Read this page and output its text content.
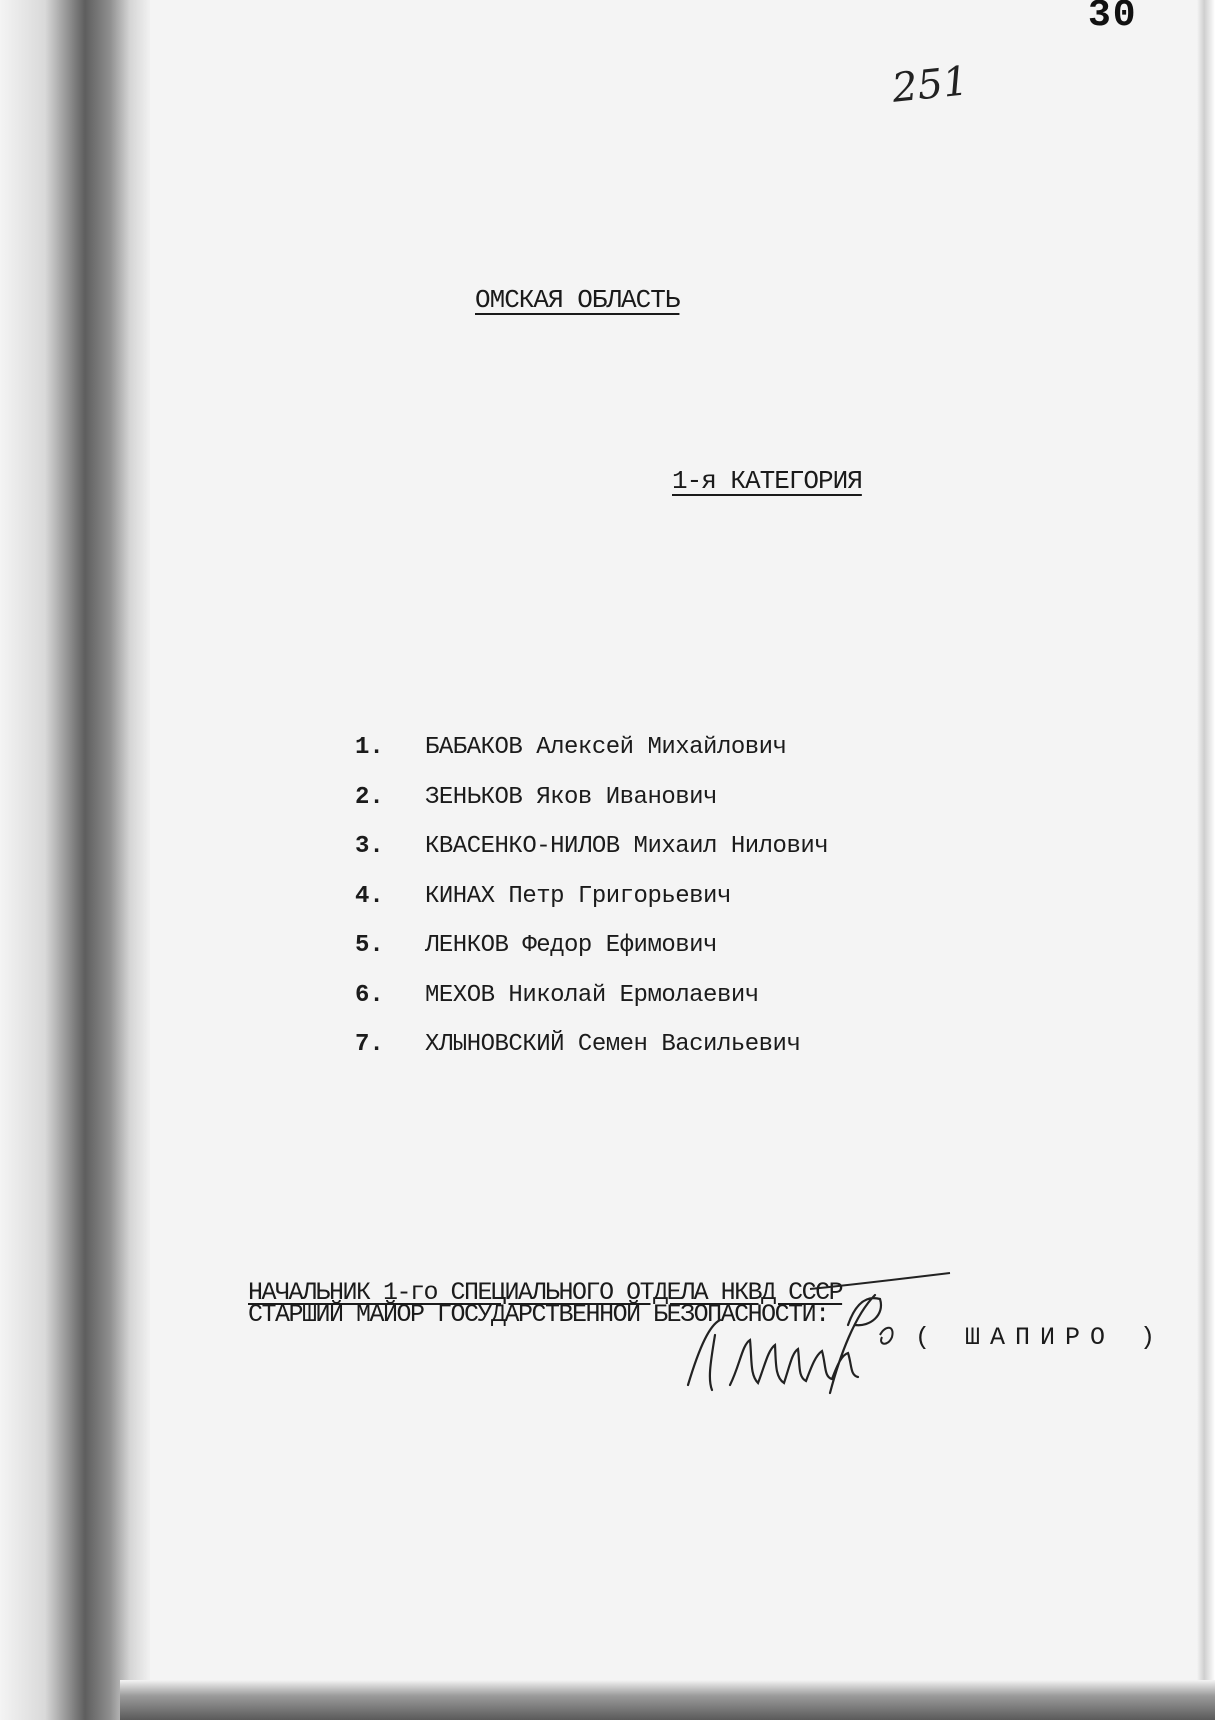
30
251
ОМСКАЯ ОБЛАСТЬ
1-я КАТЕГОРИЯ
1.	БАБАКОВ Алексей Михайлович
2.	ЗЕНЬКОВ Яков Иванович
3.	КВАСЕНКО-НИЛОВ Михаил Нилович
4.	КИНАХ Петр Григорьевич
5.	ЛЕНКОВ Федор Ефимович
6.	МЕХОВ Николай Ермолаевич
7.	ХЛЫНОВСКИЙ Семен Васильевич
НАЧАЛЬНИК 1-го СПЕЦИАЛЬНОГО ОТДЕЛА НКВД СССР
СТАРШИЙ МАЙОР ГОСУДАРСТВЕННОЙ БЕЗОПАСНОСТИ:
( ШАПИРО )
